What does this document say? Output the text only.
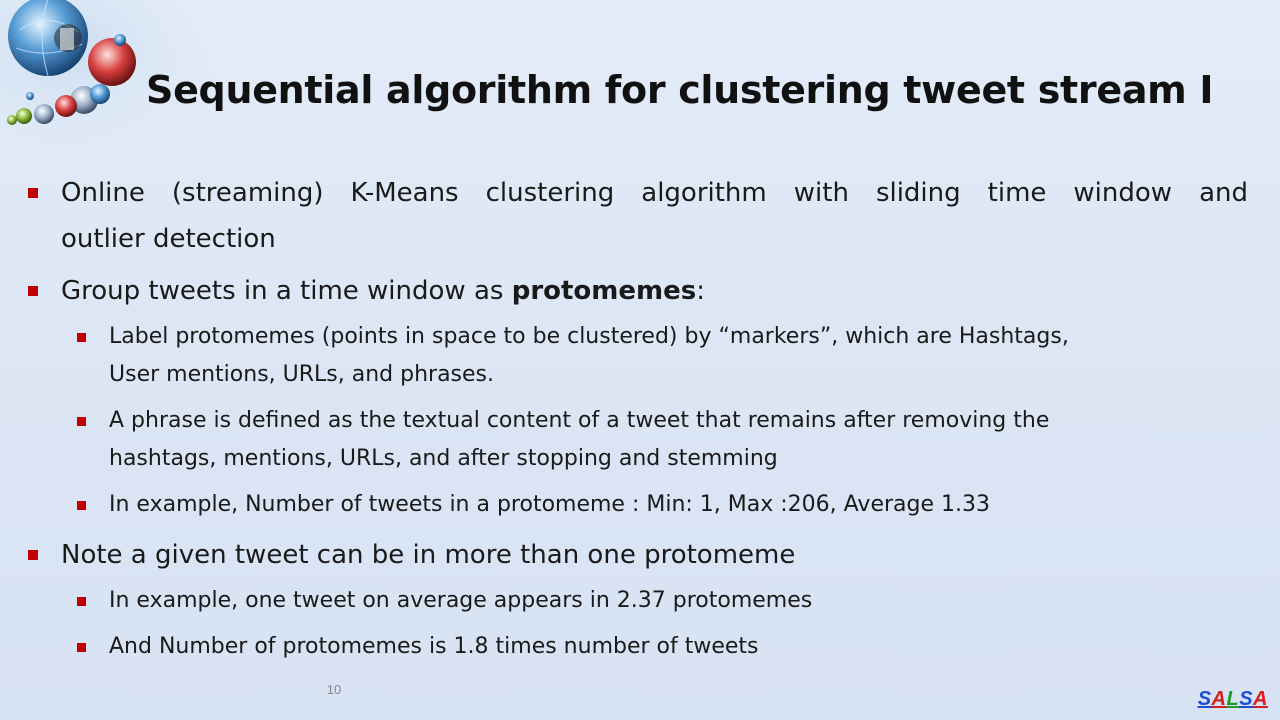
Sequential algorithm for clustering tweet stream I
Online (streaming) K-Means clustering algorithm with sliding time window and
outlier detection
Group tweets in a time window as protomemes:
Label protomemes (points in space to be clustered) by “markers”, which are Hashtags,
User mentions, URLs, and phrases.
A phrase is defined as the textual content of a tweet that remains after removing the
hashtags, mentions, URLs, and after stopping and stemming
In example, Number of tweets in a protomeme : Min: 1, Max :206, Average 1.33
Note a given tweet can be in more than one protomeme
In example, one tweet on average appears in 2.37 protomemes
And Number of protomemes is 1.8 times number of tweets
10	SALSA
